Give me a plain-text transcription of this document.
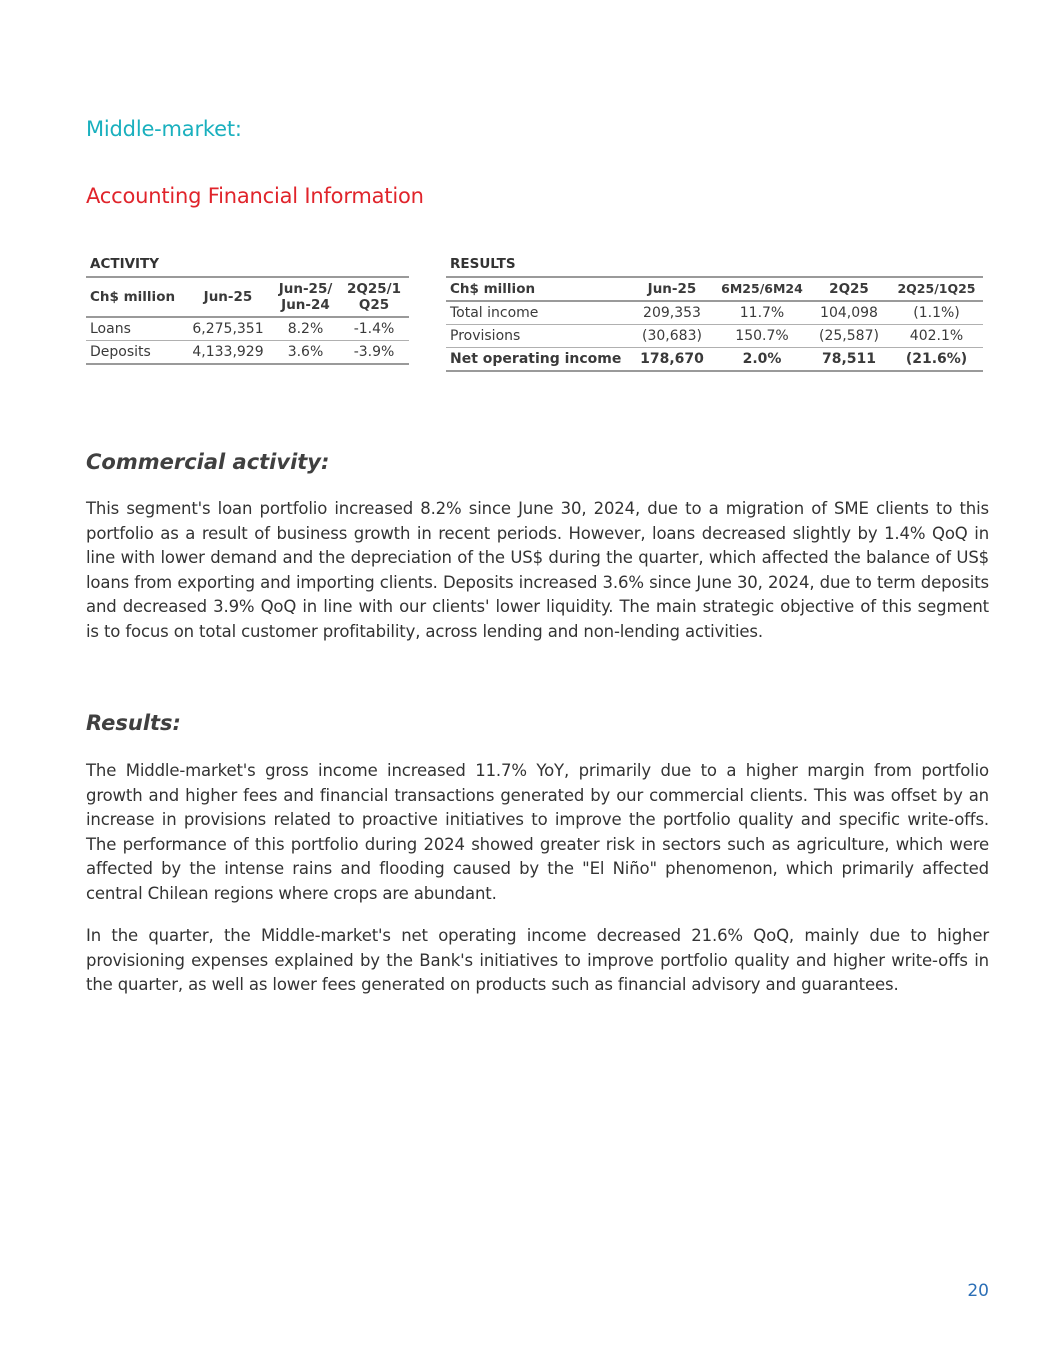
Middle-market:
Accounting Financial Information
ACTIVITY
Ch$ million	Jun-25	Jun-25/ Jun-24	2Q25/1 Q25
Loans	6,275,351	8.2%	-1.4%
Deposits	4,133,929	3.6%	-3.9%
RESULTS
Ch$ million	Jun-25	6M25/6M24	2Q25	2Q25/1Q25
Total income	209,353	11.7%	104,098	(1.1%)
Provisions	(30,683)	150.7%	(25,587)	402.1%
Net operating income	178,670	2.0%	78,511	(21.6%)
Commercial activity:

This segment's loan portfolio increased 8.2% since June 30, 2024, due to a migration of SME clients to this portfolio as a result of business growth in recent periods. However, loans decreased slightly by 1.4% QoQ in line with lower demand and the depreciation of the US$ during the quarter, which affected the balance of US$ loans from exporting and importing clients. Deposits increased 3.6% since June 30, 2024, due to term deposits and decreased 3.9% QoQ in line with our clients' lower liquidity. The main strategic objective of this segment is to focus on total customer profitability, across lending and non-lending activities.

Results:

The Middle-market's gross income increased 11.7% YoY, primarily due to a higher margin from portfolio growth and higher fees and financial transactions generated by our commercial clients. This was offset by an increase in provisions related to proactive initiatives to improve the portfolio quality and specific write-offs. The performance of this portfolio during 2024 showed greater risk in sectors such as agriculture, which were affected by the intense rains and flooding caused by the "El Niño" phenomenon, which primarily affected central Chilean regions where crops are abundant.

In the quarter, the Middle-market's net operating income decreased 21.6% QoQ, mainly due to higher provisioning expenses explained by the Bank's initiatives to improve portfolio quality and higher write-offs in the quarter, as well as lower fees generated on products such as financial advisory and guarantees.

20
